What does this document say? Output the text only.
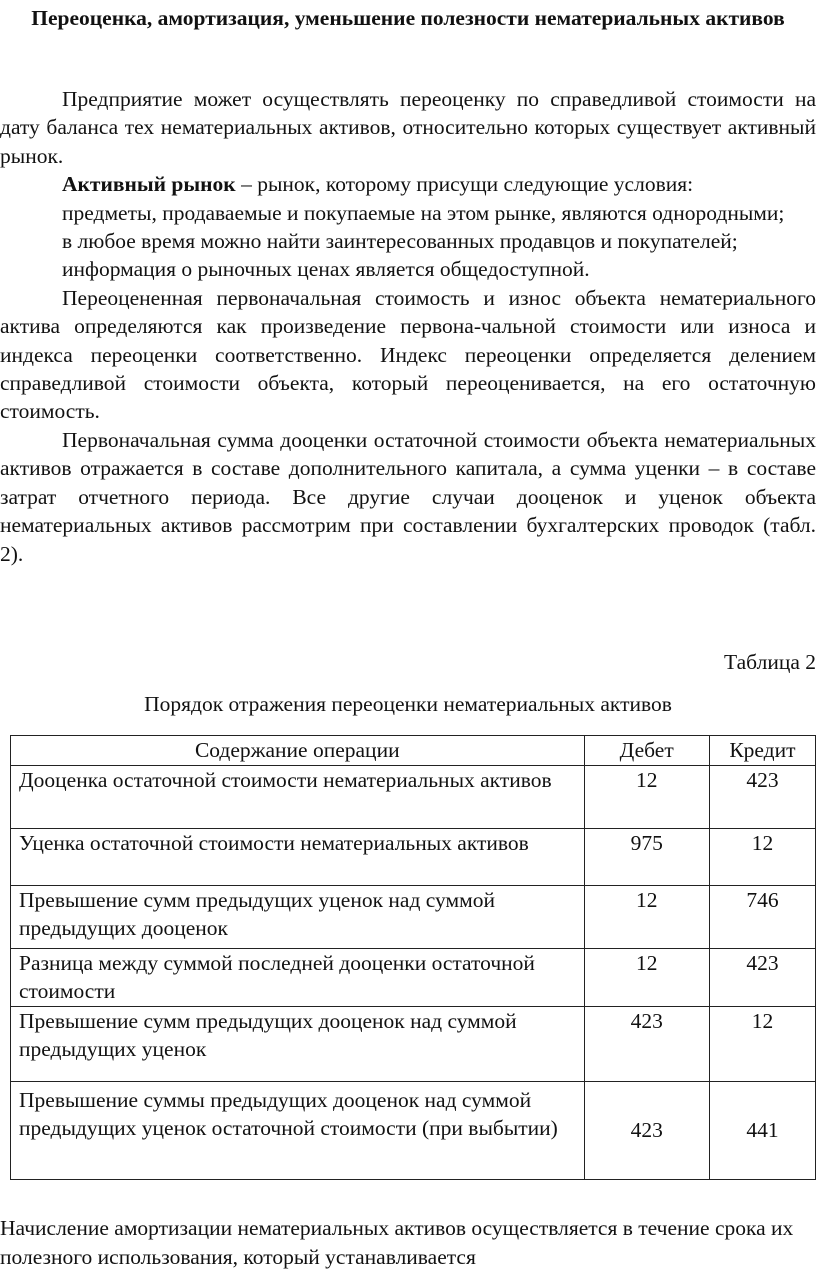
Переоценка, амортизация, уменьшение полезности нематериальных активов

Предприятие может осуществлять переоценку по справедливой стоимости на дату баланса тех нематериальных активов, относительно которых существует активный рынок.

Активный рынок – рынок, которому присущи следующие условия:

предметы, продаваемые и покупаемые на этом рынке, являются однородными;

в любое время можно найти заинтересованных продавцов и покупателей;

информация о рыночных ценах является общедоступной.

Переоцененная первоначальная стоимость и износ объекта нематериального актива определяются как произведение первона-чальной стоимости или износа и индекса переоценки соответственно. Индекс переоценки определяется делением справедливой стоимости объекта, который переоценивается, на его остаточную стоимость.

Первоначальная сумма дооценки остаточной стоимости объекта нематериальных активов отражается в составе дополнительного капитала, а сумма уценки – в составе затрат отчетного периода. Все другие случаи дооценок и уценок объекта нематериальных активов рассмотрим при составлении бухгалтерских проводок (табл. 2).

Таблица 2
Порядок отражения переоценки нематериальных активов
Содержание операции	Дебет	Кредит
Дооценка остаточной стоимости нематериальных активов	12	423
Уценка остаточной стоимости нематериальных активов	975	12
Превышение сумм предыдущих уценок над суммой предыдущих дооценок	12	746
Разница между суммой последней дооценки остаточной стоимости	12	423
Превышение сумм предыдущих дооценок над суммой предыдущих уценок	423	12
Превышение суммы предыдущих дооценок над суммой предыдущих уценок остаточной стоимости (при выбытии)	423	441
Начисление амортизации нематериальных активов осуществляется в течение срока их полезного использования, который устанавливается
